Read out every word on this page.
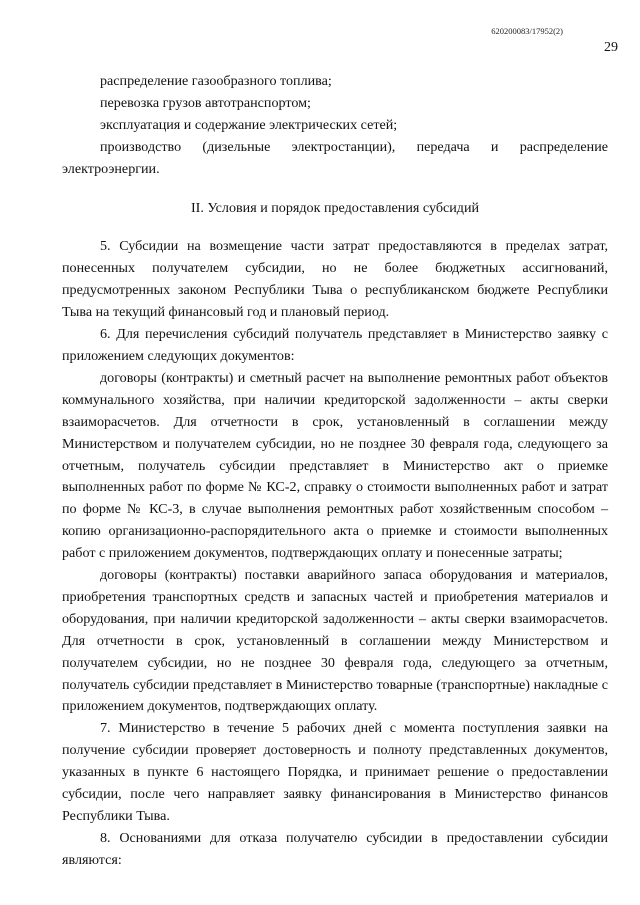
620200083/17952(2)
29

распределение газообразного топлива;

перевозка грузов автотранспортом;

эксплуатация и содержание электрических сетей;

производство (дизельные электростанции), передача и распределение электроэнергии.

II. Условия и порядок предоставления субсидий

5. Субсидии на возмещение части затрат предоставляются в пределах затрат, понесенных получателем субсидии, но не более бюджетных ассигнований, предусмотренных законом Республики Тыва о республиканском бюджете Республики Тыва на текущий финансовый год и плановый период.

6. Для перечисления субсидий получатель представляет в Министерство заявку с приложением следующих документов:

договоры (контракты) и сметный расчет на выполнение ремонтных работ объектов коммунального хозяйства, при наличии кредиторской задолженности – акты сверки взаиморасчетов. Для отчетности в срок, установленный в соглашении между Министерством и получателем субсидии, но не позднее 30 февраля года, следующего за отчетным, получатель субсидии представляет в Министерство акт о приемке выполненных работ по форме № КС-2, справку о стоимости выполненных работ и затрат по форме № КС-3, в случае выполнения ремонтных работ хозяйственным способом – копию организационно-распорядительного акта о приемке и стоимости выполненных работ с приложением документов, подтверждающих оплату и понесенные затраты;

договоры (контракты) поставки аварийного запаса оборудования и материалов, приобретения транспортных средств и запасных частей и приобретения материалов и оборудования, при наличии кредиторской задолженности – акты сверки взаиморасчетов. Для отчетности в срок, установленный в соглашении между Министерством и получателем субсидии, но не позднее 30 февраля года, следующего за отчетным, получатель субсидии представляет в Министерство товарные (транспортные) накладные с приложением документов, подтверждающих оплату.

7. Министерство в течение 5 рабочих дней с момента поступления заявки на получение субсидии проверяет достоверность и полноту представленных документов, указанных в пункте 6 настоящего Порядка, и принимает решение о предоставлении субсидии, после чего направляет заявку финансирования в Министерство финансов Республики Тыва.

8. Основаниями для отказа получателю субсидии в предоставлении субсидии являются:
